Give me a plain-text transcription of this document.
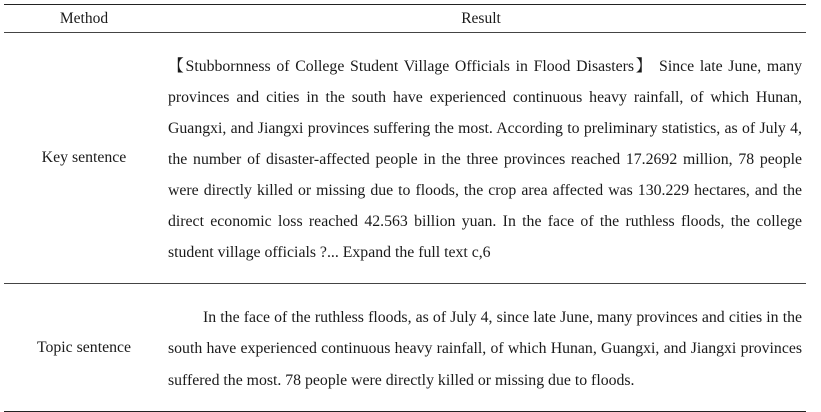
Method	Result
Key sentence
【Stubbornness of College Student Village Officials in Flood Disasters】 Since late June, many provinces and cities in the south have experienced continuous heavy rainfall, of which Hunan, Guangxi, and Jiangxi provinces suffering the most. According to preliminary statistics, as of July 4, the number of disaster-affected people in the three provinces reached 17.2692 million, 78 people were directly killed or missing due to floods, the crop area affected was 130.229 hectares, and the direct economic loss reached 42.563 billion yuan. In the face of the ruthless floods, the college student village officials ?... Expand the full text c,6
Topic sentence
In the face of the ruthless floods, as of July 4, since late June, many provinces and cities in the south have experienced continuous heavy rainfall, of which Hunan, Guangxi, and Jiangxi provinces suffered the most. 78 people were directly killed or missing due to floods.
